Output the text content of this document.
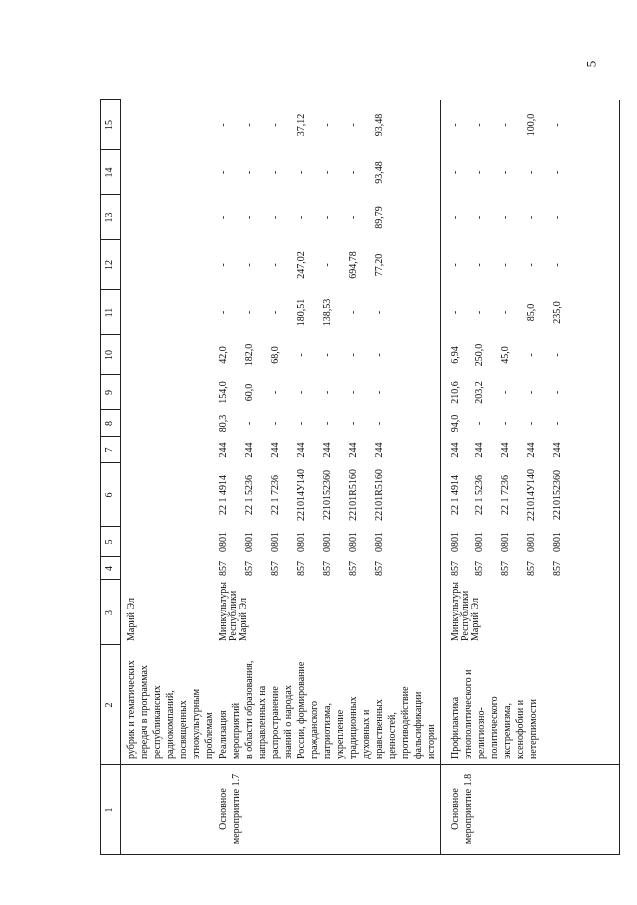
5
1
2
3
4
5
6
7
8
9
10
11
12
13
14
15
рубрик и тематических передач в программах республиканских радиокомпаний, посвященных этнокультурным проблемам
Марий Эл
Основное мероприятие 1.7
Реализация мероприятий в области образования, направленных на распространение знаний о народах России, формирование гражданского патриотизма, укрепление традиционных духовных и нравственных ценностей, противодействие фальсификации истории
Минкультуры Республики Марий Эл
857
0801
22 1 4914
244
80,3
154,0
42,0
-
-
-
-
-
857
0801
22 1 5236
244
-
60,0
182,0
-
-
-
-
-
857
0801
22 1 7236
244
-
-
68,0
-
-
-
-
-
857
0801
221014У140
244
-
-
-
180,51
247,02
-
-
37,12
857
0801
2210152360
244
-
-
-
138,53
-
-
-
-
857
0801
22101R5160
244
-
-
-
-
694,78
-
-
-
857
0801
22101R5160
244
-
-
-
-
77,20
89,79
93,48
93,48
Основное мероприятие 1.8
Профилактика этнополитического и религиозно- политического экстремизма, ксенофобии и нетерпимости
Минкультуры Республики Марий Эл
857
0801
22 1 4914
244
94,0
210,6
6,94
-
-
-
-
-
857
0801
22 1 5236
244
-
203,2
250,0
-
-
-
-
-
857
0801
22 1 7236
244
-
-
45,0
-
-
-
-
-
857
0801
221014У140
244
-
-
-
85,0
-
-
-
100,0
857
0801
2210152360
244
-
-
-
235,0
-
-
-
-
